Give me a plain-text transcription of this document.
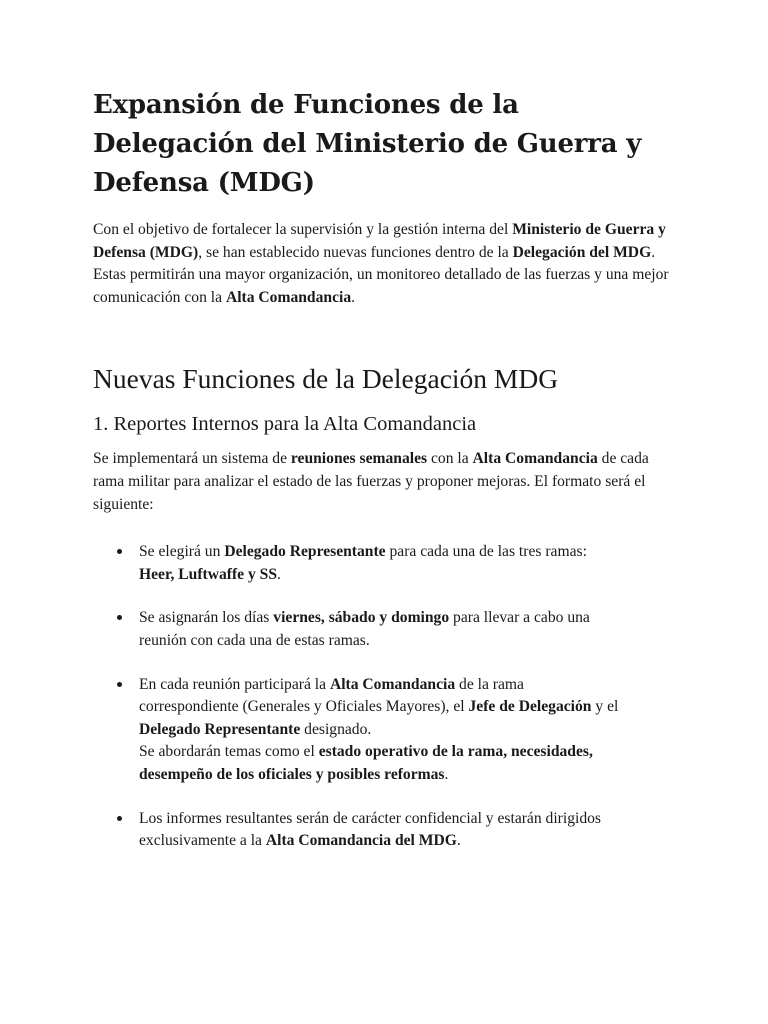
Expansión de Funciones de la Delegación del Ministerio de Guerra y Defensa (MDG)

Con el objetivo de fortalecer la supervisión y la gestión interna del Ministerio de Guerra y Defensa (MDG), se han establecido nuevas funciones dentro de la Delegación del MDG. Estas permitirán una mayor organización, un monitoreo detallado de las fuerzas y una mejor comunicación con la Alta Comandancia.

Nuevas Funciones de la Delegación MDG
1. Reportes Internos para la Alta Comandancia

Se implementará un sistema de reuniones semanales con la Alta Comandancia de cada rama militar para analizar el estado de las fuerzas y proponer mejoras. El formato será el siguiente:

Se elegirá un Delegado Representante para cada una de las tres ramas: Heer, Luftwaffe y SS.

Se asignarán los días viernes, sábado y domingo para llevar a cabo una reunión con cada una de estas ramas.

En cada reunión participará la Alta Comandancia de la rama correspondiente (Generales y Oficiales Mayores), el Jefe de Delegación y el Delegado Representante designado.
Se abordarán temas como el estado operativo de la rama, necesidades, desempeño de los oficiales y posibles reformas.

Los informes resultantes serán de carácter confidencial y estarán dirigidos exclusivamente a la Alta Comandancia del MDG.
